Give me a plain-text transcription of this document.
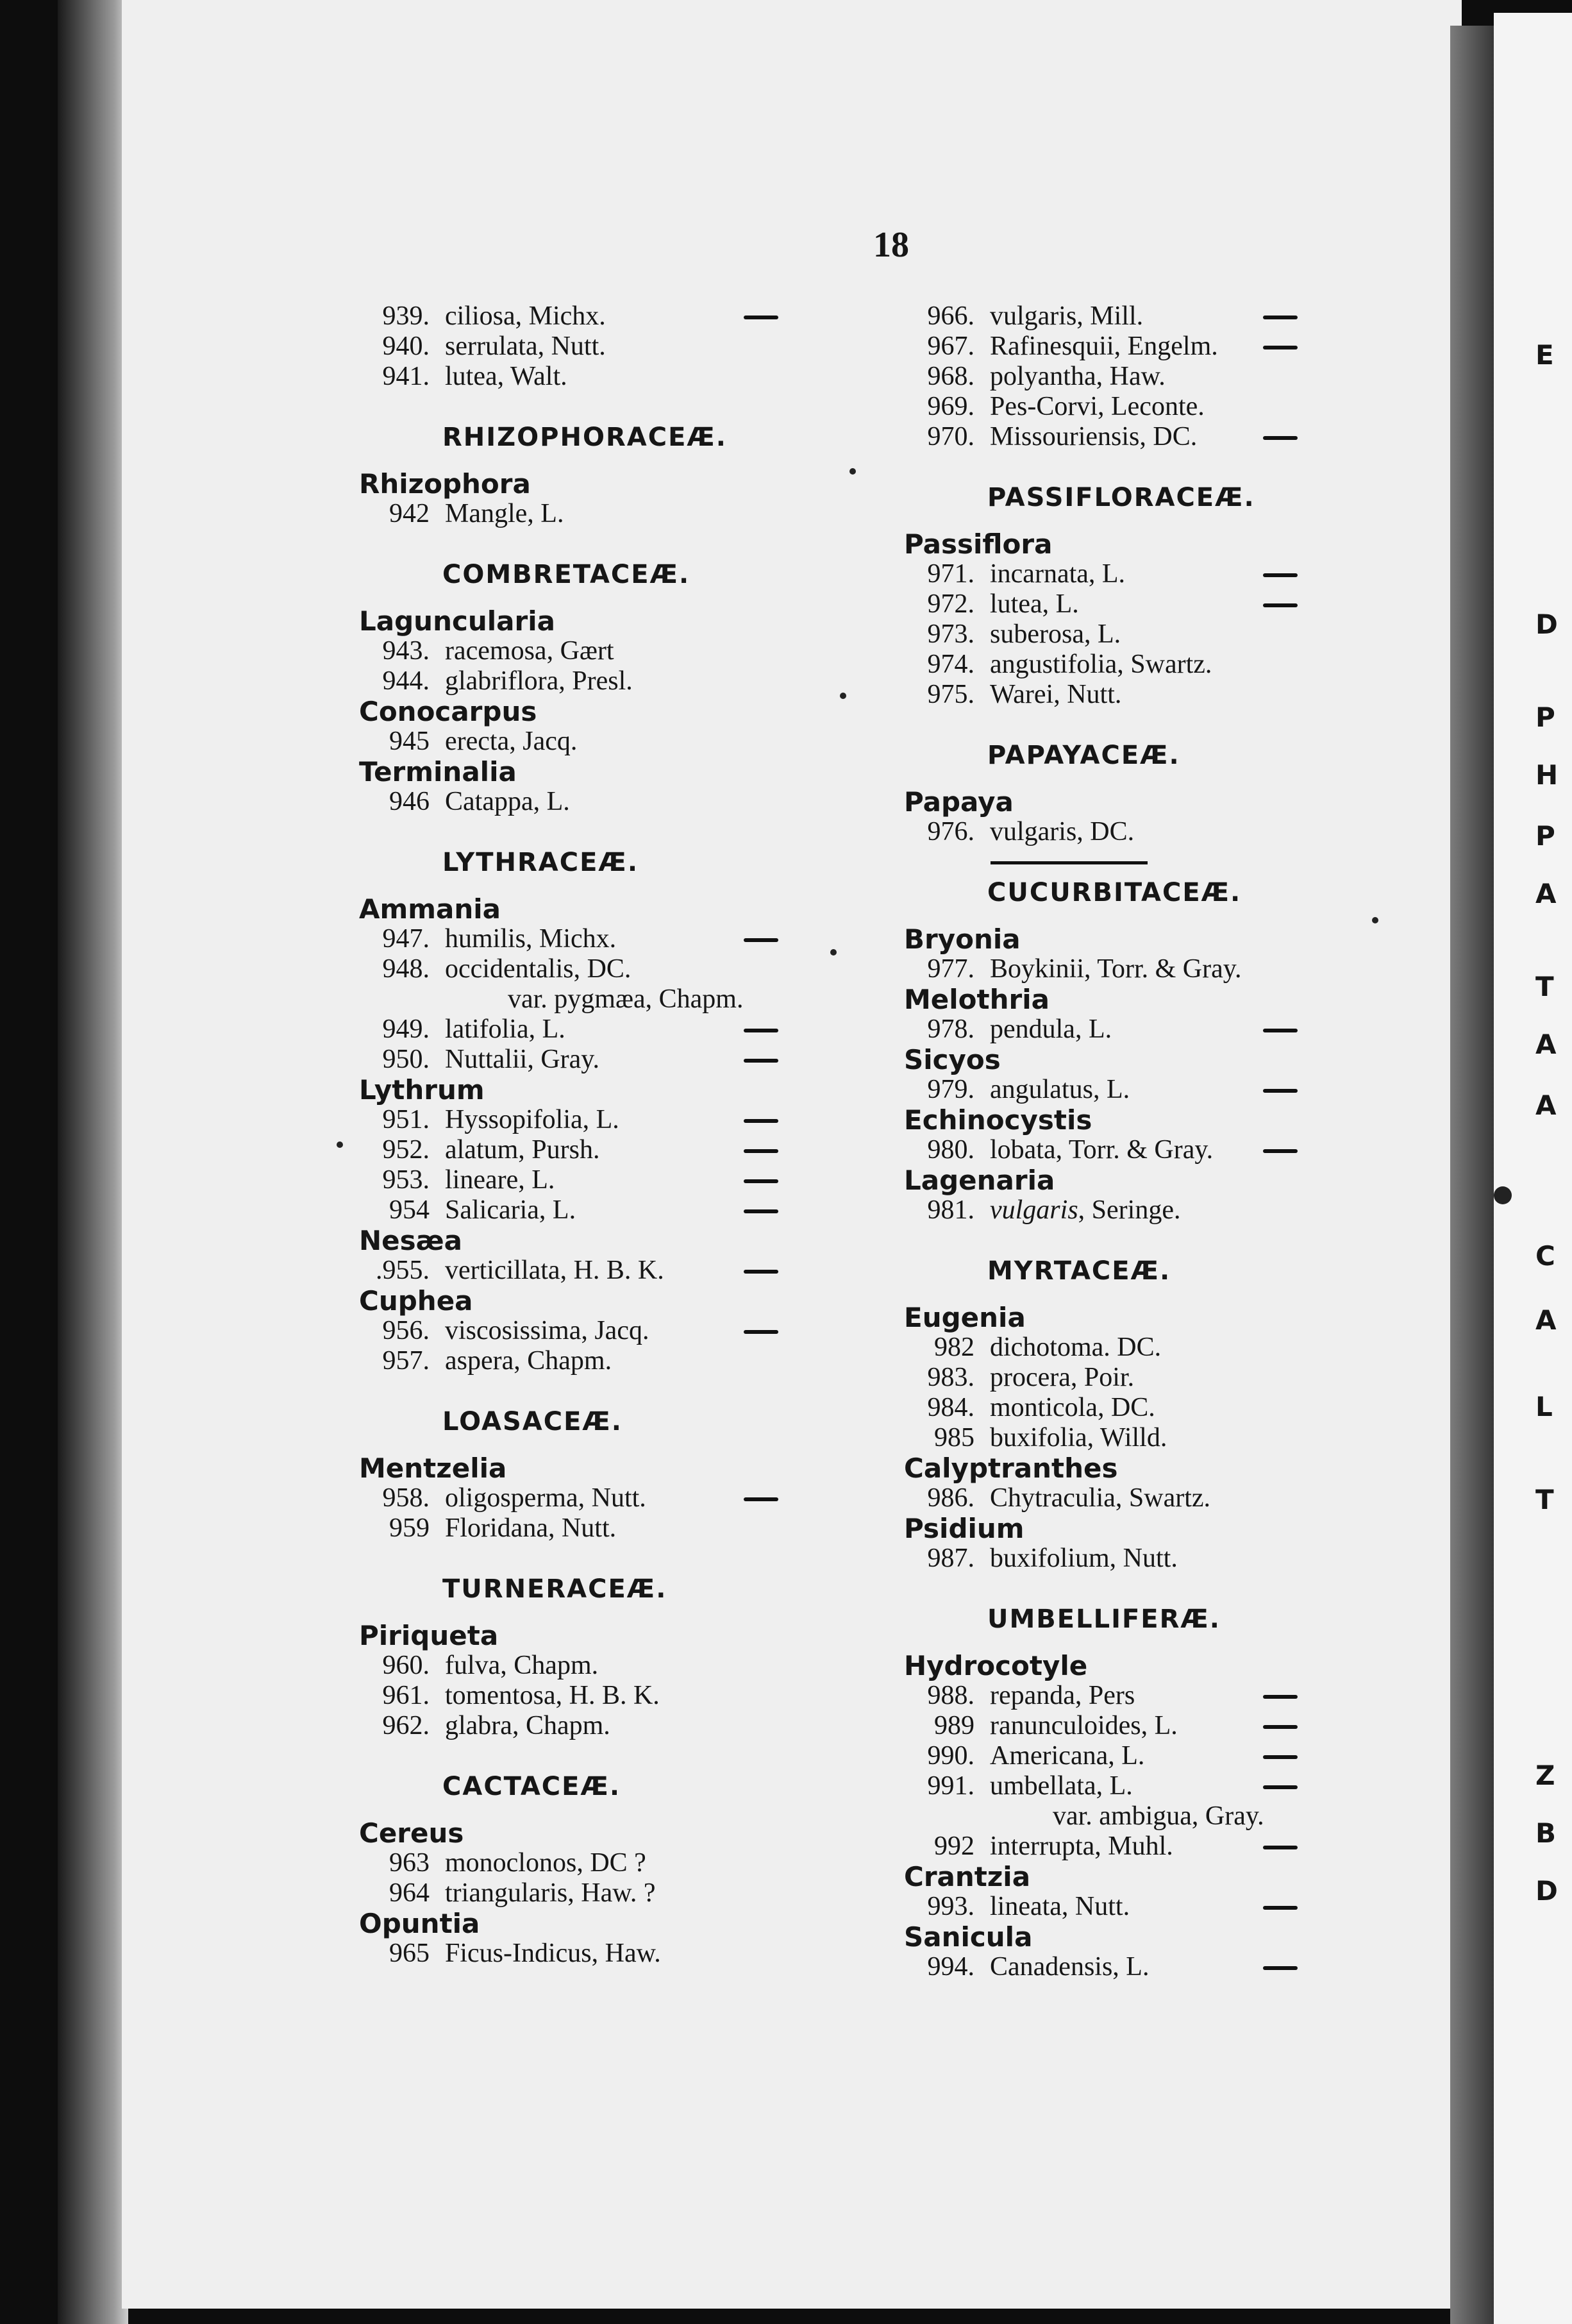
18
939. ciliosa, Michx.
940. serrulata, Nutt.
941. lutea, Walt.
RHIZOPHORACEÆ.
Rhizophora
942 Mangle, L.
COMBRETACEÆ.
Laguncularia
943. racemosa, Gært
944. glabriflora, Presl.
Conocarpus
945 erecta, Jacq.
Terminalia
946 Catappa, L.
LYTHRACEÆ.
Ammania
947. humilis, Michx.
948. occidentalis, DC.
var. pygmæa, Chapm.
949. latifolia, L.
950. Nuttalii, Gray.
Lythrum
951. Hyssopifolia, L.
952. alatum, Pursh.
953. lineare, L.
954 Salicaria, L.
Nesæa
.955. verticillata, H. B. K.
Cuphea
956. viscosissima, Jacq.
957. aspera, Chapm.
LOASACEÆ.
Mentzelia
958. oligosperma, Nutt.
959 Floridana, Nutt.
TURNERACEÆ.
Piriqueta
960. fulva, Chapm.
961. tomentosa, H. B. K.
962. glabra, Chapm.
CACTACEÆ.
Cereus
963 monoclonos, DC ?
964 triangularis, Haw. ?
Opuntia
965 Ficus-Indicus, Haw.
966. vulgaris, Mill.
967. Rafinesquii, Engelm.
968. polyantha, Haw.
969. Pes-Corvi, Leconte.
970. Missouriensis, DC.
PASSIFLORACEÆ.
Passiflora
971. incarnata, L.
972. lutea, L.
973. suberosa, L.
974. angustifolia, Swartz.
975. Warei, Nutt.
PAPAYACEÆ.
Papaya
976. vulgaris, DC.
CUCURBITACEÆ.
Bryonia
977. Boykinii, Torr. & Gray.
Melothria
978. pendula, L.
Sicyos
979. angulatus, L.
Echinocystis
980. lobata, Torr. & Gray.
Lagenaria
981. vulgaris, Seringe.
MYRTACEÆ.
Eugenia
982 dichotoma. DC.
983. procera, Poir.
984. monticola, DC.
985 buxifolia, Willd.
Calyptranthes
986. Chytraculia, Swartz.
Psidium
987. buxifolium, Nutt.
UMBELLIFERÆ.
Hydrocotyle
988. repanda, Pers
989 ranunculoides, L.
990. Americana, L.
991. umbellata, L.
var. ambigua, Gray.
992 interrupta, Muhl.
Crantzia
993. lineata, Nutt.
Sanicula
994. Canadensis, L.
E
D
P
H
P
A
T
A
A
C
A
L
T
Z
B
D
